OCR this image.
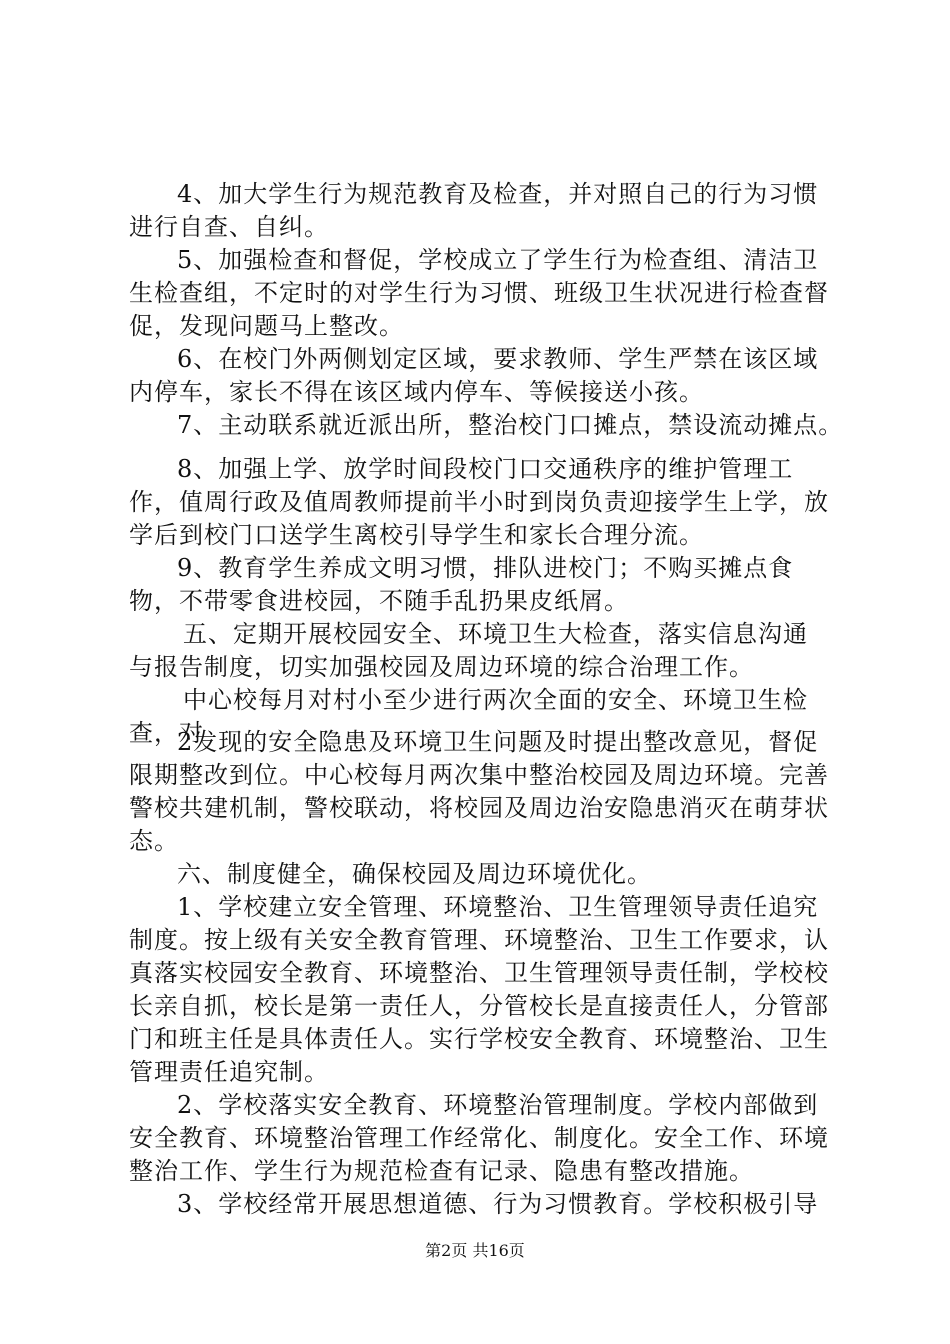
4、加大学生行为规范教育及检查，并对照自己的行为习惯进行自查、自纠。

5、加强检查和督促，学校成立了学生行为检查组、清洁卫生检查组，不定时的对学生行为习惯、班级卫生状况进行检查督促，发现问题马上整改。

6、在校门外两侧划定区域，要求教师、学生严禁在该区域内停车，家长不得在该区域内停车、等候接送小孩。

7、主动联系就近派出所，整治校门口摊点，禁设流动摊点。

8、加强上学、放学时间段校门口交通秩序的维护管理工作，值周行政及值周教师提前半小时到岗负责迎接学生上学，放学后到校门口送学生离校引导学生和家长合理分流。

9、教育学生养成文明习惯，排队进校门；不购买摊点食物，不带零食进校园，不随手乱扔果皮纸屑。

五、定期开展校园安全、环境卫生大检查，落实信息沟通与报告制度，切实加强校园及周边环境的综合治理工作。

中心校每月对村小至少进行两次全面的安全、环境卫生检查，对

2发现的安全隐患及环境卫生问题及时提出整改意见，督促限期整改到位。中心校每月两次集中整治校园及周边环境。完善警校共建机制，警校联动，将校园及周边治安隐患消灭在萌芽状态。

六、制度健全，确保校园及周边环境优化。

1、学校建立安全管理、环境整治、卫生管理领导责任追究制度。按上级有关安全教育管理、环境整治、卫生工作要求，认真落实校园安全教育、环境整治、卫生管理领导责任制，学校校长亲自抓，校长是第一责任人，分管校长是直接责任人，分管部门和班主任是具体责任人。实行学校安全教育、环境整治、卫生管理责任追究制。

2、学校落实安全教育、环境整治管理制度。学校内部做到安全教育、环境整治管理工作经常化、制度化。安全工作、环境整治工作、学生行为规范检查有记录、隐患有整改措施。

3、学校经常开展思想道德、行为习惯教育。学校积极引导

第2页 共16页
